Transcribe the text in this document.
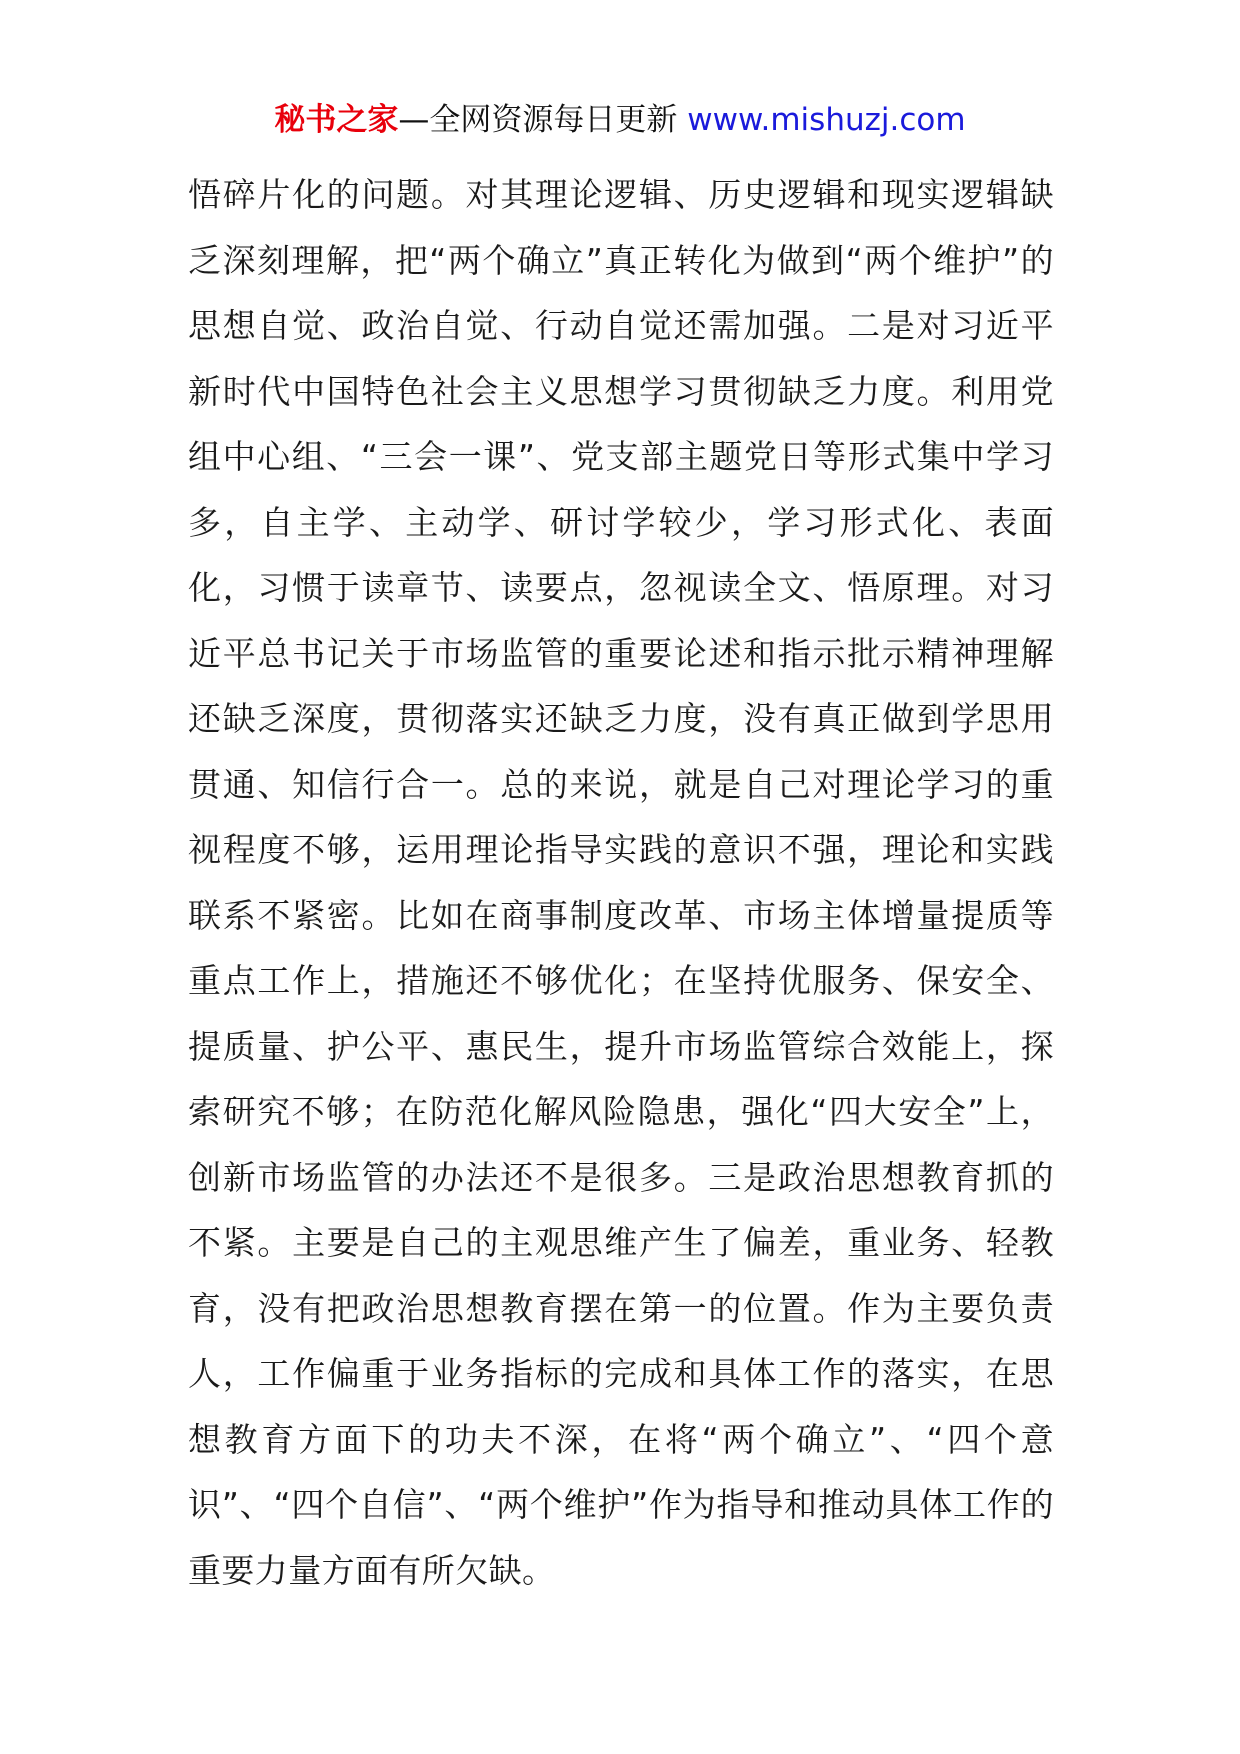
秘书之家—全网资源每日更新 www.mishuzj.com

悟碎片化的问题。对其理论逻辑、历史逻辑和现实逻辑缺乏深刻理解，把“两个确立”真正转化为做到“两个维护”的思想自觉、政治自觉、行动自觉还需加强。二是对习近平新时代中国特色社会主义思想学习贯彻缺乏力度。利用党组中心组、“三会一课”、党支部主题党日等形式集中学习多，自主学、主动学、研讨学较少，学习形式化、表面化，习惯于读章节、读要点，忽视读全文、悟原理。对习近平总书记关于市场监管的重要论述和指示批示精神理解还缺乏深度，贯彻落实还缺乏力度，没有真正做到学思用贯通、知信行合一。总的来说，就是自己对理论学习的重视程度不够，运用理论指导实践的意识不强，理论和实践联系不紧密。比如在商事制度改革、市场主体增量提质等重点工作上，措施还不够优化；在坚持优服务、保安全、提质量、护公平、惠民生，提升市场监管综合效能上，探索研究不够；在防范化解风险隐患，强化“四大安全”上，创新市场监管的办法还不是很多。三是政治思想教育抓的不紧。主要是自己的主观思维产生了偏差，重业务、轻教育，没有把政治思想教育摆在第一的位置。作为主要负责人，工作偏重于业务指标的完成和具体工作的落实，在思想教育方面下的功夫不深，在将“两个确立”、“四个意识”、“四个自信”、“两个维护”作为指导和推动具体工作的重要力量方面有所欠缺。
